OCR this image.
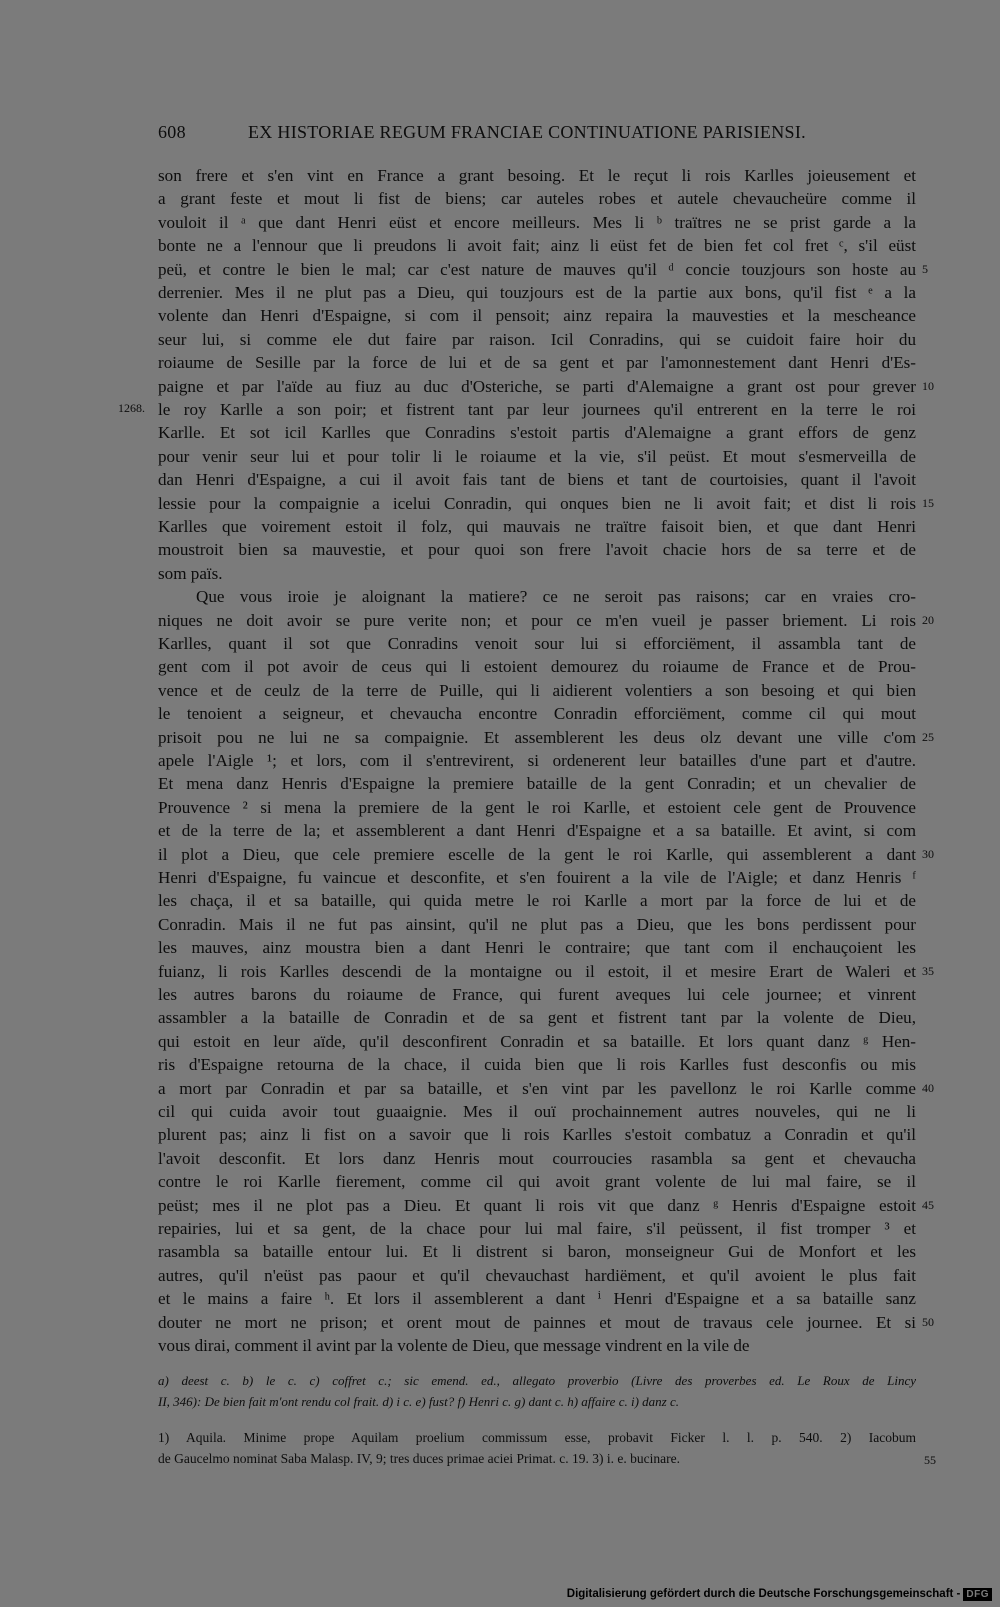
608	EX HISTORIAE REGUM FRANCIAE CONTINUATIONE PARISIENSI.
son frere et s'en vint en France a grant besoing. Et le reçut li rois Karlles joieusement et
a grant feste et mout li fist de biens; car auteles robes et autele chevaucheüre comme il
vouloit il ᵃ que dant Henri eüst et encore meilleurs. Mes li ᵇ traïtres ne se prist garde a la
bonte ne a l'ennour que li preudons li avoit fait; ainz li eüst fet de bien fet col fret ᶜ, s'il eüst
peü, et contre le bien le mal; car c'est nature de mauves qu'il ᵈ concie touzjours son hoste au
derrenier. Mes il ne plut pas a Dieu, qui touzjours est de la partie aux bons, qu'il fist ᵉ a la
volente dan Henri d'Espaigne, si com il pensoit; ainz repaira la mauvesties et la mescheance
seur lui, si comme ele dut faire par raison. Icil Conradins, qui se cuidoit faire hoir du
roiaume de Sesille par la force de lui et de sa gent et par l'amonnestement dant Henri d'Es-
paigne et par l'aïde au fiuz au duc d'Osteriche, se parti d'Alemaigne a grant ost pour grever
le roy Karlle a son poir; et fistrent tant par leur journees qu'il entrerent en la terre le roi
Karlle. Et sot icil Karlles que Conradins s'estoit partis d'Alemaigne a grant effors de genz
pour venir seur lui et pour tolir li le roiaume et la vie, s'il peüst. Et mout s'esmerveilla de
dan Henri d'Espaigne, a cui il avoit fais tant de biens et tant de courtoisies, quant il l'avoit
lessie pour la compaignie a icelui Conradin, qui onques bien ne li avoit fait; et dist li rois
Karlles que voirement estoit il folz, qui mauvais ne traïtre faisoit bien, et que dant Henri
moustroit bien sa mauvestie, et pour quoi son frere l'avoit chacie hors de sa terre et de
som païs.
Que vous iroie je aloignant la matiere? ce ne seroit pas raisons; car en vraies cro-
niques ne doit avoir se pure verite non; et pour ce m'en vueil je passer briement. Li rois
Karlles, quant il sot que Conradins venoit sour lui si efforciëment, il assambla tant de
gent com il pot avoir de ceus qui li estoient demourez du roiaume de France et de Prou-
vence et de ceulz de la terre de Puille, qui li aidierent volentiers a son besoing et qui bien
le tenoient a seigneur, et chevaucha encontre Conradin efforciëment, comme cil qui mout
prisoit pou ne lui ne sa compaignie. Et assemblerent les deus olz devant une ville c'om
apele l'Aigle ¹; et lors, com il s'entrevirent, si ordenerent leur batailles d'une part et d'autre.
Et mena danz Henris d'Espaigne la premiere bataille de la gent Conradin; et un chevalier de
Prouvence ² si mena la premiere de la gent le roi Karlle, et estoient cele gent de Prouvence
et de la terre de la; et assemblerent a dant Henri d'Espaigne et a sa bataille. Et avint, si com
il plot a Dieu, que cele premiere escelle de la gent le roi Karlle, qui assemblerent a dant
Henri d'Espaigne, fu vaincue et desconfite, et s'en fouirent a la vile de l'Aigle; et danz Henris ᶠ
les chaça, il et sa bataille, qui quida metre le roi Karlle a mort par la force de lui et de
Conradin. Mais il ne fut pas ainsint, qu'il ne plut pas a Dieu, que les bons perdissent pour
les mauves, ainz moustra bien a dant Henri le contraire; que tant com il enchauçoient les
fuianz, li rois Karlles descendi de la montaigne ou il estoit, il et mesire Erart de Waleri et
les autres barons du roiaume de France, qui furent aveques lui cele journee; et vinrent
assambler a la bataille de Conradin et de sa gent et fistrent tant par la volente de Dieu,
qui estoit en leur aïde, qu'il desconfirent Conradin et sa bataille. Et lors quant danz ᵍ Hen-
ris d'Espaigne retourna de la chace, il cuida bien que li rois Karlles fust desconfis ou mis
a mort par Conradin et par sa bataille, et s'en vint par les pavellonz le roi Karlle comme
cil qui cuida avoir tout guaaignie. Mes il ouï prochainnement autres nouveles, qui ne li
plurent pas; ainz li fist on a savoir que li rois Karlles s'estoit combatuz a Conradin et qu'il
l'avoit desconfit. Et lors danz Henris mout courroucies rasambla sa gent et chevaucha
contre le roi Karlle fierement, comme cil qui avoit grant volente de lui mal faire, se il
peüst; mes il ne plot pas a Dieu. Et quant li rois vit que danz ᵍ Henris d'Espaigne estoit
repairies, lui et sa gent, de la chace pour lui mal faire, s'il peüssent, il fist tromper ³ et
rasambla sa bataille entour lui. Et li distrent si baron, monseigneur Gui de Monfort et les
autres, qu'il n'eüst pas paour et qu'il chevauchast hardiëment, et qu'il avoient le plus fait
et le mains a faire ʰ. Et lors il assemblerent a dant ⁱ Henri d'Espaigne et a sa bataille sanz
douter ne mort ne prison; et orent mout de painnes et mout de travaus cele journee. Et si
vous dirai, comment il avint par la volente de Dieu, que message vindrent en la vile de
1268.
5
10
15
20
25
30
35
40
45
50
a) deest c. b) le c. c) coffret c.; sic emend. ed., allegato proverbio (Livre des proverbes ed. Le Roux de Lincy
II, 346): De bien fait m'ont rendu col frait. d) i c. e) fust? f) Henri c. g) dant c. h) affaire c. i) danz c.
1) Aquila. Minime prope Aquilam proelium commissum esse, probavit Ficker l. l. p. 540. 2) Iacobum
de Gaucelmo nominat Saba Malasp. IV, 9; tres duces primae aciei Primat. c. 19. 3) i. e. bucinare.	55
Digitalisierung gefördert durch die Deutsche Forschungsgemeinschaft - DFG
